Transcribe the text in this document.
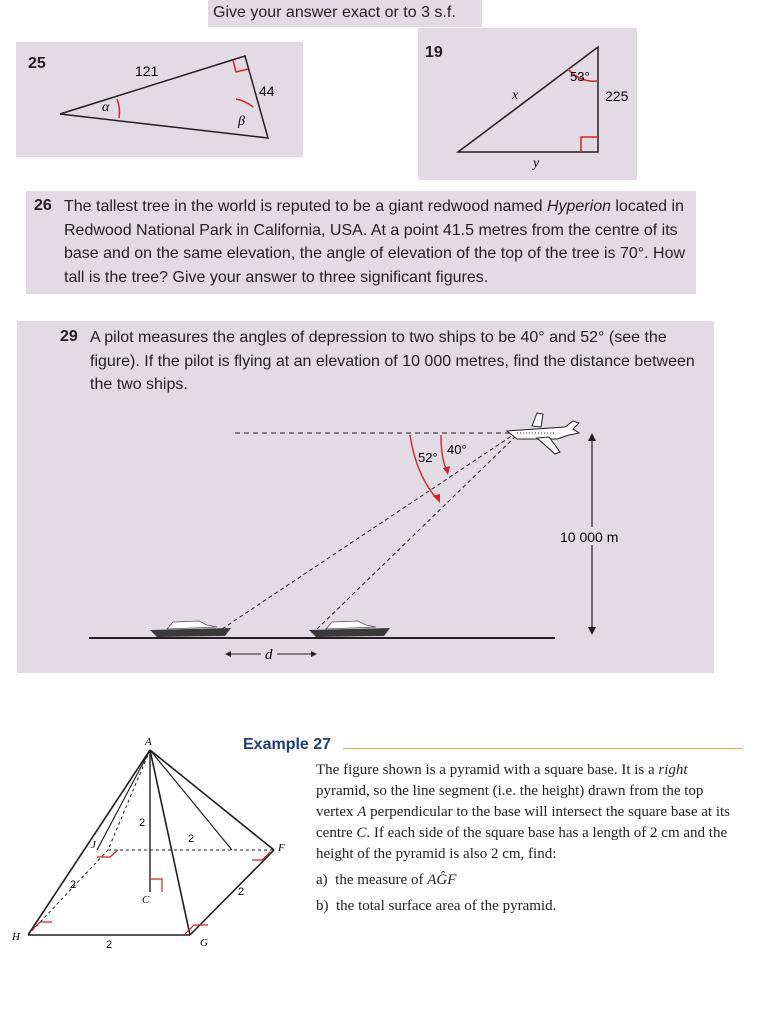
Give your answer exact or to 3 s.f.
25	121
44
α
β
19
53°
225
x
y
26 The tallest tree in the world is reputed to be a giant redwood named Hyperion located in Redwood National Park in California, USA. At a point 41.5 metres from the centre of its base and on the same elevation, the angle of elevation of the top of the tree is 70°. How tall is the tree? Give your answer to three significant figures.
29 A pilot measures the angles of depression to two ships to be 40° and 52° (see the figure). If the pilot is flying at an elevation of 10 000 metres, find the distance between the two ships.
52°
40°
10 000 m
d
A
C
F
G
H
J
2
2
2
2
2
Example 27
The figure shown is a pyramid with a square base. It is a right pyramid, so the line segment (i.e. the height) drawn from the top vertex A perpendicular to the base will intersect the square base at its centre C. If each side of the square base has a length of 2 cm and the height of the pyramid is also 2 cm, find:
a) the measure of AĜF
b) the total surface area of the pyramid.
